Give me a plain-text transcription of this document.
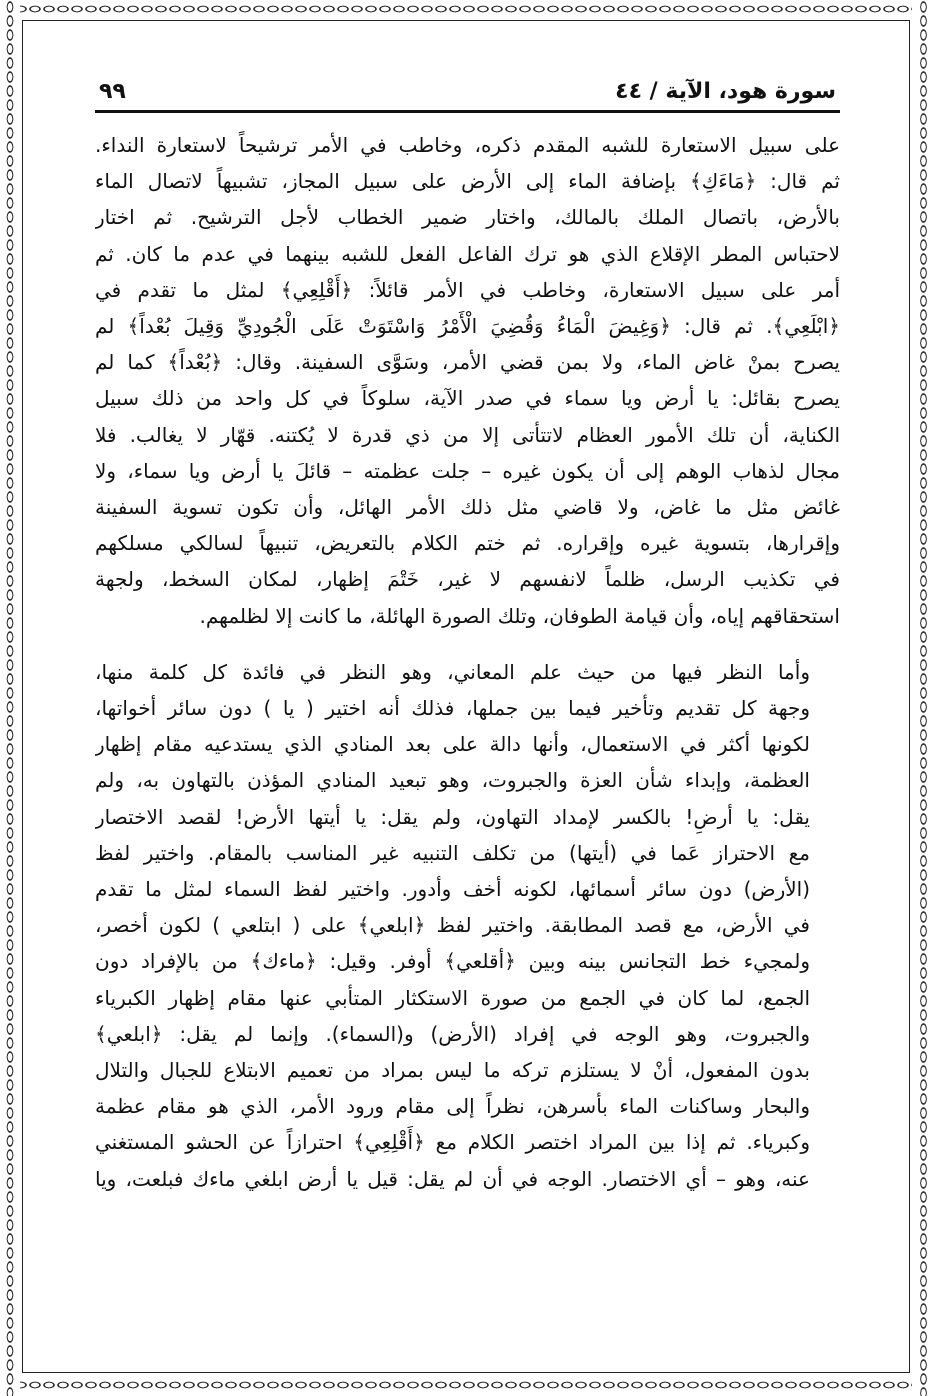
سورة هود، الآية / ٤٤
٩٩
على سبيل الاستعارة للشبه المقدم ذكره، وخاطب في الأمر ترشيحاً لاستعارة النداء.
ثم قال: ﴿مَاءَكِ﴾ بإضافة الماء إلى الأرض على سبيل المجاز، تشبيهاً لاتصال الماء
بالأرض، باتصال الملك بالمالك، واختار ضمير الخطاب لأجل الترشيح. ثم اختار
لاحتباس المطر الإقلاع الذي هو ترك الفاعل الفعل للشبه بينهما في عدم ما كان. ثم
أمر على سبيل الاستعارة، وخاطب في الأمر قائلاً: ﴿أَقْلِعِي﴾ لمثل ما تقدم في
﴿ابْلَعِي﴾. ثم قال: ﴿وَغِيضَ الْمَاءُ وَقُضِيَ الْأَمْرُ وَاسْتَوَتْ عَلَى الْجُودِيِّ وَقِيلَ بُعْداً﴾ لم
يصرح بمنْ غاض الماء، ولا بمن قضي الأمر، وسَوَّى السفينة. وقال: ﴿بُعْداً﴾ كما لم
يصرح بقائل: يا أرض ويا سماء في صدر الآية، سلوكاً في كل واحد من ذلك سبيل
الكناية، أن تلك الأمور العظام لاتتأتى إلا من ذي قدرة لا يُكتنه. قهّار لا يغالب. فلا
مجال لذهاب الوهم إلى أن يكون غيره – جلت عظمته – قائلَ يا أرض ويا سماء، ولا
غائض مثل ما غاض، ولا قاضي مثل ذلك الأمر الهائل، وأن تكون تسوية السفينة
وإقرارها، بتسوية غيره وإقراره. ثم ختم الكلام بالتعريض، تنبيهاً لسالكي مسلكهم
في تكذيب الرسل، ظلماً لانفسهم لا غير، خَتْمَ إظهار، لمكان السخط، ولجهة
استحقاقهم إياه، وأن قيامة الطوفان، وتلك الصورة الهائلة، ما كانت إلا لظلمهم.
وأما النظر فيها من حيث علم المعاني، وهو النظر في فائدة كل كلمة منها،
وجهة كل تقديم وتأخير فيما بين جملها، فذلك أنه اختير ( يا ) دون سائر أخواتها،
لكونها أكثر في الاستعمال، وأنها دالة على بعد المنادي الذي يستدعيه مقام إظهار
العظمة، وإبداء شأن العزة والجبروت، وهو تبعيد المنادي المؤذن بالتهاون به، ولم
يقل: يا أرضِ! بالكسر لإمداد التهاون، ولم يقل: يا أيتها الأرض! لقصد الاختصار
مع الاحتراز عَما في (أيتها) من تكلف التنبيه غير المناسب بالمقام. واختير لفظ
(الأرض) دون سائر أسمائها، لكونه أخف وأدور. واختير لفظ السماء لمثل ما تقدم
في الأرض، مع قصد المطابقة. واختير لفظ ﴿ابلعي﴾ على ( ابتلعي ) لكون أخصر،
ولمجيء خط التجانس بينه وبين ﴿أقلعي﴾ أوفر. وقيل: ﴿ماءك﴾ من بالإفراد دون
الجمع، لما كان في الجمع من صورة الاستكثار المتأبي عنها مقام إظهار الكبرياء
والجبروت، وهو الوجه في إفراد (الأرض) و(السماء). وإنما لم يقل: ﴿ابلعي﴾
بدون المفعول، أنْ لا يستلزم تركه ما ليس بمراد من تعميم الابتلاع للجبال والتلال
والبحار وساكنات الماء بأسرهن، نظراً إلى مقام ورود الأمر، الذي هو مقام عظمة
وكبرياء. ثم إذا بين المراد اختصر الكلام مع ﴿أَقْلِعِي﴾ احترازاً عن الحشو المستغني
عنه، وهو – أي الاختصار. الوجه في أن لم يقل: قيل يا أرض ابلغي ماءك فبلعت، ويا
